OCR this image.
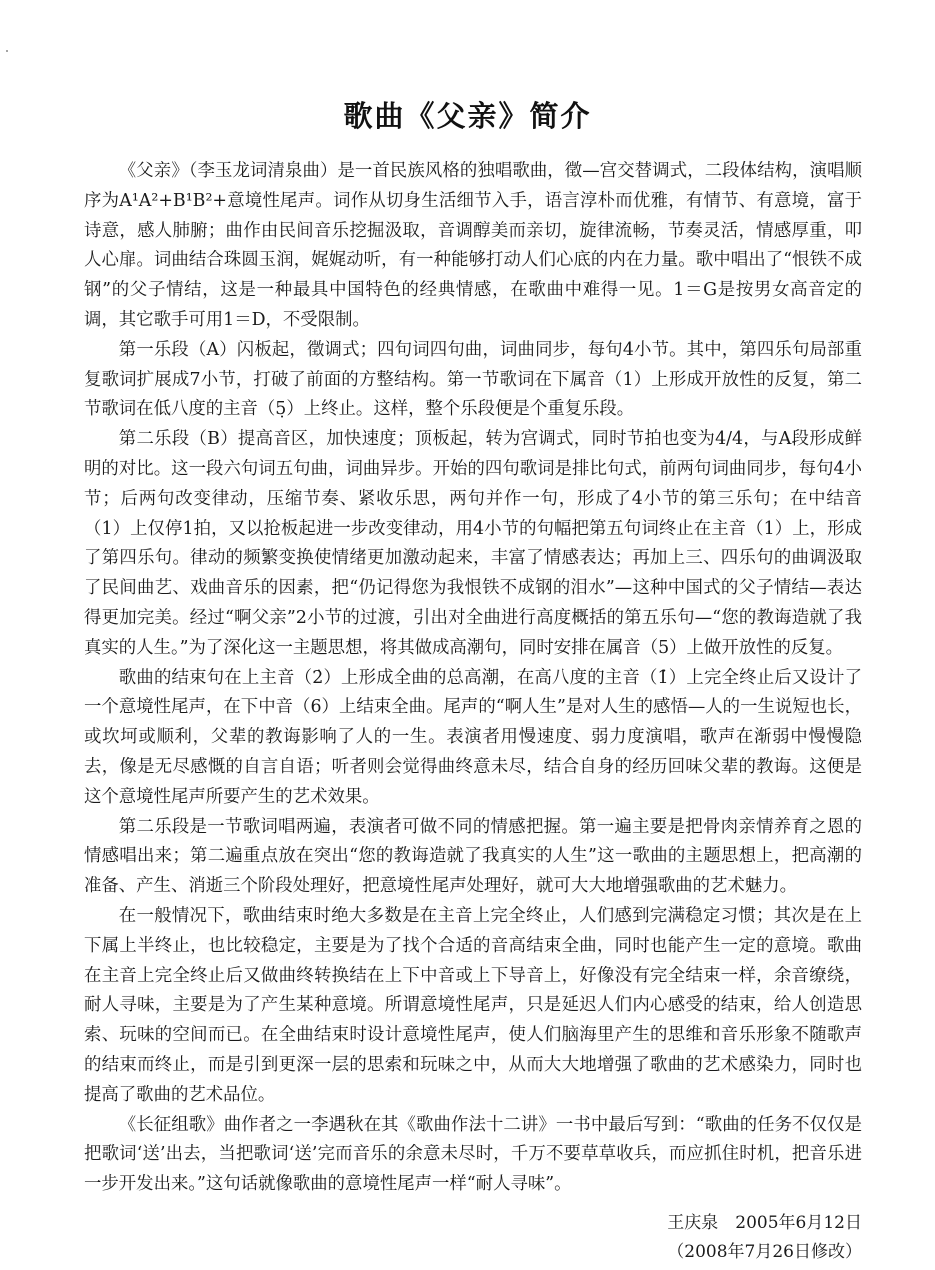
歌曲《父亲》简介

《父亲》（李玉龙词清泉曲）是一首民族风格的独唱歌曲，徵—宫交替调式，二段体结构，演唱顺序为A¹A²+B¹B²+意境性尾声。词作从切身生活细节入手，语言淳朴而优雅，有情节、有意境，富于诗意，感人肺腑；曲作由民间音乐挖掘汲取，音调醇美而亲切，旋律流畅，节奏灵活，情感厚重，叩人心扉。词曲结合珠圆玉润，娓娓动听，有一种能够打动人们心底的内在力量。歌中唱出了“恨铁不成钢”的父子情结，这是一种最具中国特色的经典情感，在歌曲中难得一见。1＝G是按男女高音定的调，其它歌手可用1＝D，不受限制。

第一乐段（A）闪板起，徵调式；四句词四句曲，词曲同步，每句4小节。其中，第四乐句局部重复歌词扩展成7小节，打破了前面的方整结构。第一节歌词在下属音（1）上形成开放性的反复，第二节歌词在低八度的主音（5̣）上终止。这样，整个乐段便是个重复乐段。

第二乐段（B）提高音区，加快速度；顶板起，转为宫调式，同时节拍也变为4/4，与A段形成鲜明的对比。这一段六句词五句曲，词曲异步。开始的四句歌词是排比句式，前两句词曲同步，每句4小节；后两句改变律动，压缩节奏、紧收乐思，两句并作一句，形成了4小节的第三乐句；在中结音（1）上仅停1拍，又以抢板起进一步改变律动，用4小节的句幅把第五句词终止在主音（1）上，形成了第四乐句。律动的频繁变换使情绪更加激动起来，丰富了情感表达；再加上三、四乐句的曲调汲取了民间曲艺、戏曲音乐的因素，把“仍记得您为我恨铁不成钢的泪水”—这种中国式的父子情结—表达得更加完美。经过“啊父亲”2小节的过渡，引出对全曲进行高度概括的第五乐句—“您的教诲造就了我真实的人生。”为了深化这一主题思想，将其做成高潮句，同时安排在属音（5）上做开放性的反复。

歌曲的结束句在上主音（2̇）上形成全曲的总高潮，在高八度的主音（1̇）上完全终止后又设计了一个意境性尾声，在下中音（6）上结束全曲。尾声的“啊人生”是对人生的感悟—人的一生说短也长，或坎坷或顺利，父辈的教诲影响了人的一生。表演者用慢速度、弱力度演唱，歌声在渐弱中慢慢隐去，像是无尽感慨的自言自语；听者则会觉得曲终意未尽，结合自身的经历回味父辈的教诲。这便是这个意境性尾声所要产生的艺术效果。

第二乐段是一节歌词唱两遍，表演者可做不同的情感把握。第一遍主要是把骨肉亲情养育之恩的情感唱出来；第二遍重点放在突出“您的教诲造就了我真实的人生”这一歌曲的主题思想上，把高潮的准备、产生、消逝三个阶段处理好，把意境性尾声处理好，就可大大地增强歌曲的艺术魅力。

在一般情况下，歌曲结束时绝大多数是在主音上完全终止，人们感到完满稳定习惯；其次是在上下属上半终止，也比较稳定，主要是为了找个合适的音高结束全曲，同时也能产生一定的意境。歌曲在主音上完全终止后又做曲终转换结在上下中音或上下导音上，好像没有完全结束一样，余音缭绕，耐人寻味，主要是为了产生某种意境。所谓意境性尾声，只是延迟人们内心感受的结束，给人创造思索、玩味的空间而已。在全曲结束时设计意境性尾声，使人们脑海里产生的思维和音乐形象不随歌声的结束而终止，而是引到更深一层的思索和玩味之中，从而大大地增强了歌曲的艺术感染力，同时也提高了歌曲的艺术品位。

《长征组歌》曲作者之一李遇秋在其《歌曲作法十二讲》一书中最后写到：“歌曲的任务不仅仅是把歌词‘送’出去，当把歌词‘送’完而音乐的余意未尽时，千万不要草草收兵，而应抓住时机，把音乐进一步开发出来。”这句话就像歌曲的意境性尾声一样“耐人寻味”。

王庆泉　2005年6月12日
（2008年7月26日修改）
